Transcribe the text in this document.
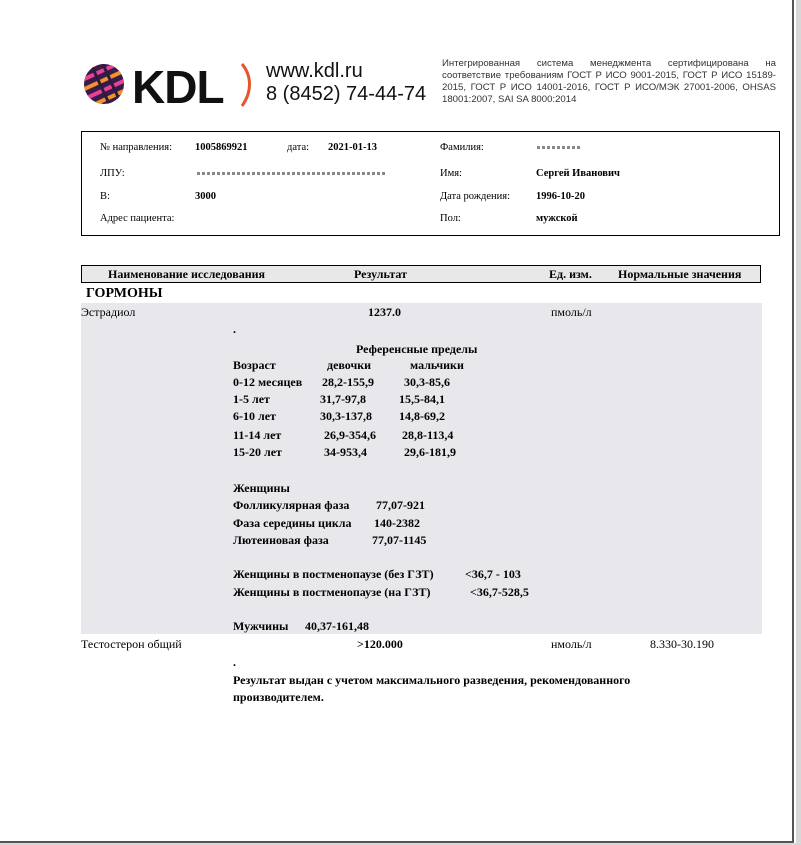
KDL www.kdl.ru
8 (8452) 74-44-74
Интегрированная система менеджмента сертифицирована на соответствие требованиям ГОСТ Р ИСО 9001-2015, ГОСТ Р ИСО 15189-2015, ГОСТ Р ИСО 14001-2016, ГОСТ Р ИСО/МЭК 27001-2006, OHSAS 18001:2007, SAI SA 8000:2014
№ направления: 1005869921	дата: 2021-01-13
ЛПУ:
В:	3000
Адрес пациента:
Фамилия:
Имя:	Сергей Иванович
Дата рождения: 1996-10-20
Пол:	мужской
Наименование исследования	Результат	Ед. изм. Нормальные значения
ГОРМОНЫ
Эстрадиол	1237.0	пмоль/л
.
Референсные пределы
Возраст	девочки	мальчики
0-12 месяцев 28,2-155,9	30,3-85,6
1-5 лет	31,7-97,8	15,5-84,1
6-10 лет	30,3-137,8 14,8-69,2
11-14 лет	26,9-354,6 28,8-113,4
15-20 лет	34-953,4	29,6-181,9
Женщины
Фолликулярная фаза 77,07-921
Фаза середины цикла 140-2382
Лютеиновая фаза	77,07-1145
Женщины в постменопаузе (без ГЗТ)	<36,7 - 103
Женщины в постменопаузе (на ГЗТ)	<36,7-528,5
Мужчины 40,37-161,48
Тестостерон общий	>120.000	нмоль/л	8.330-30.190
.
Результат выдан с учетом максимального разведения, рекомендованного производителем.
